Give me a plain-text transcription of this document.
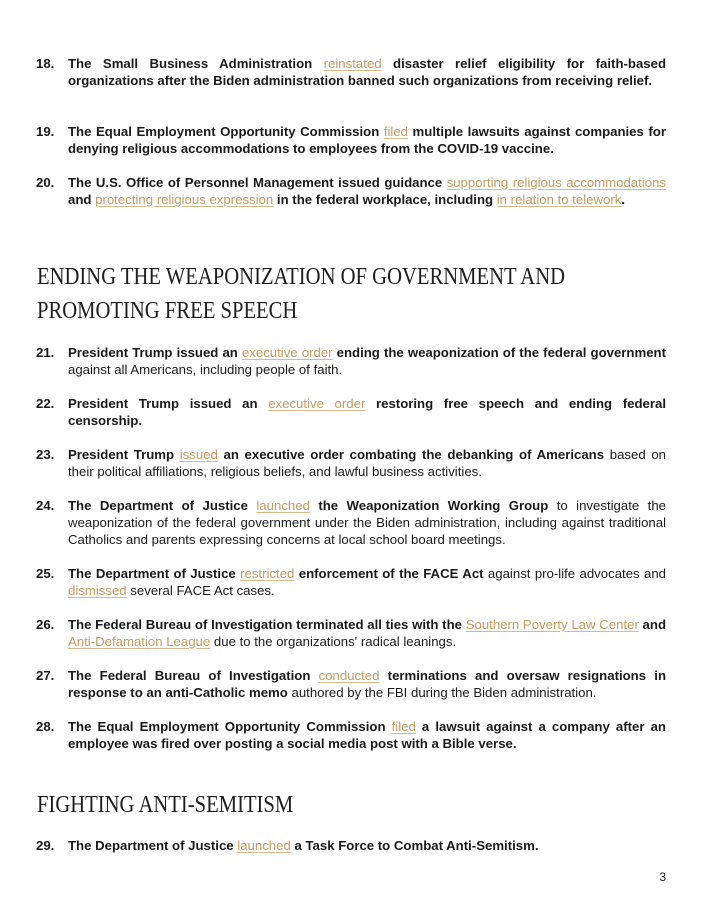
18. The Small Business Administration reinstated disaster relief eligibility for faith-based organizations after the Biden administration banned such organizations from receiving relief.
19. The Equal Employment Opportunity Commission filed multiple lawsuits against companies for denying religious accommodations to employees from the COVID-19 vaccine.
20. The U.S. Office of Personnel Management issued guidance supporting religious accommodations and protecting religious expression in the federal workplace, including in relation to telework.
ENDING THE WEAPONIZATION OF GOVERNMENT AND PROMOTING FREE SPEECH
21. President Trump issued an executive order ending the weaponization of the federal government against all Americans, including people of faith.
22. President Trump issued an executive order restoring free speech and ending federal censorship.
23. President Trump issued an executive order combating the debanking of Americans based on their political affiliations, religious beliefs, and lawful business activities.
24. The Department of Justice launched the Weaponization Working Group to investigate the weaponization of the federal government under the Biden administration, including against traditional Catholics and parents expressing concerns at local school board meetings.
25. The Department of Justice restricted enforcement of the FACE Act against pro-life advocates and dismissed several FACE Act cases.
26. The Federal Bureau of Investigation terminated all ties with the Southern Poverty Law Center and Anti-Defamation League due to the organizations' radical leanings.
27. The Federal Bureau of Investigation conducted terminations and oversaw resignations in response to an anti-Catholic memo authored by the FBI during the Biden administration.
28. The Equal Employment Opportunity Commission filed a lawsuit against a company after an employee was fired over posting a social media post with a Bible verse.
FIGHTING ANTI-SEMITISM
29. The Department of Justice launched a Task Force to Combat Anti-Semitism.
3
